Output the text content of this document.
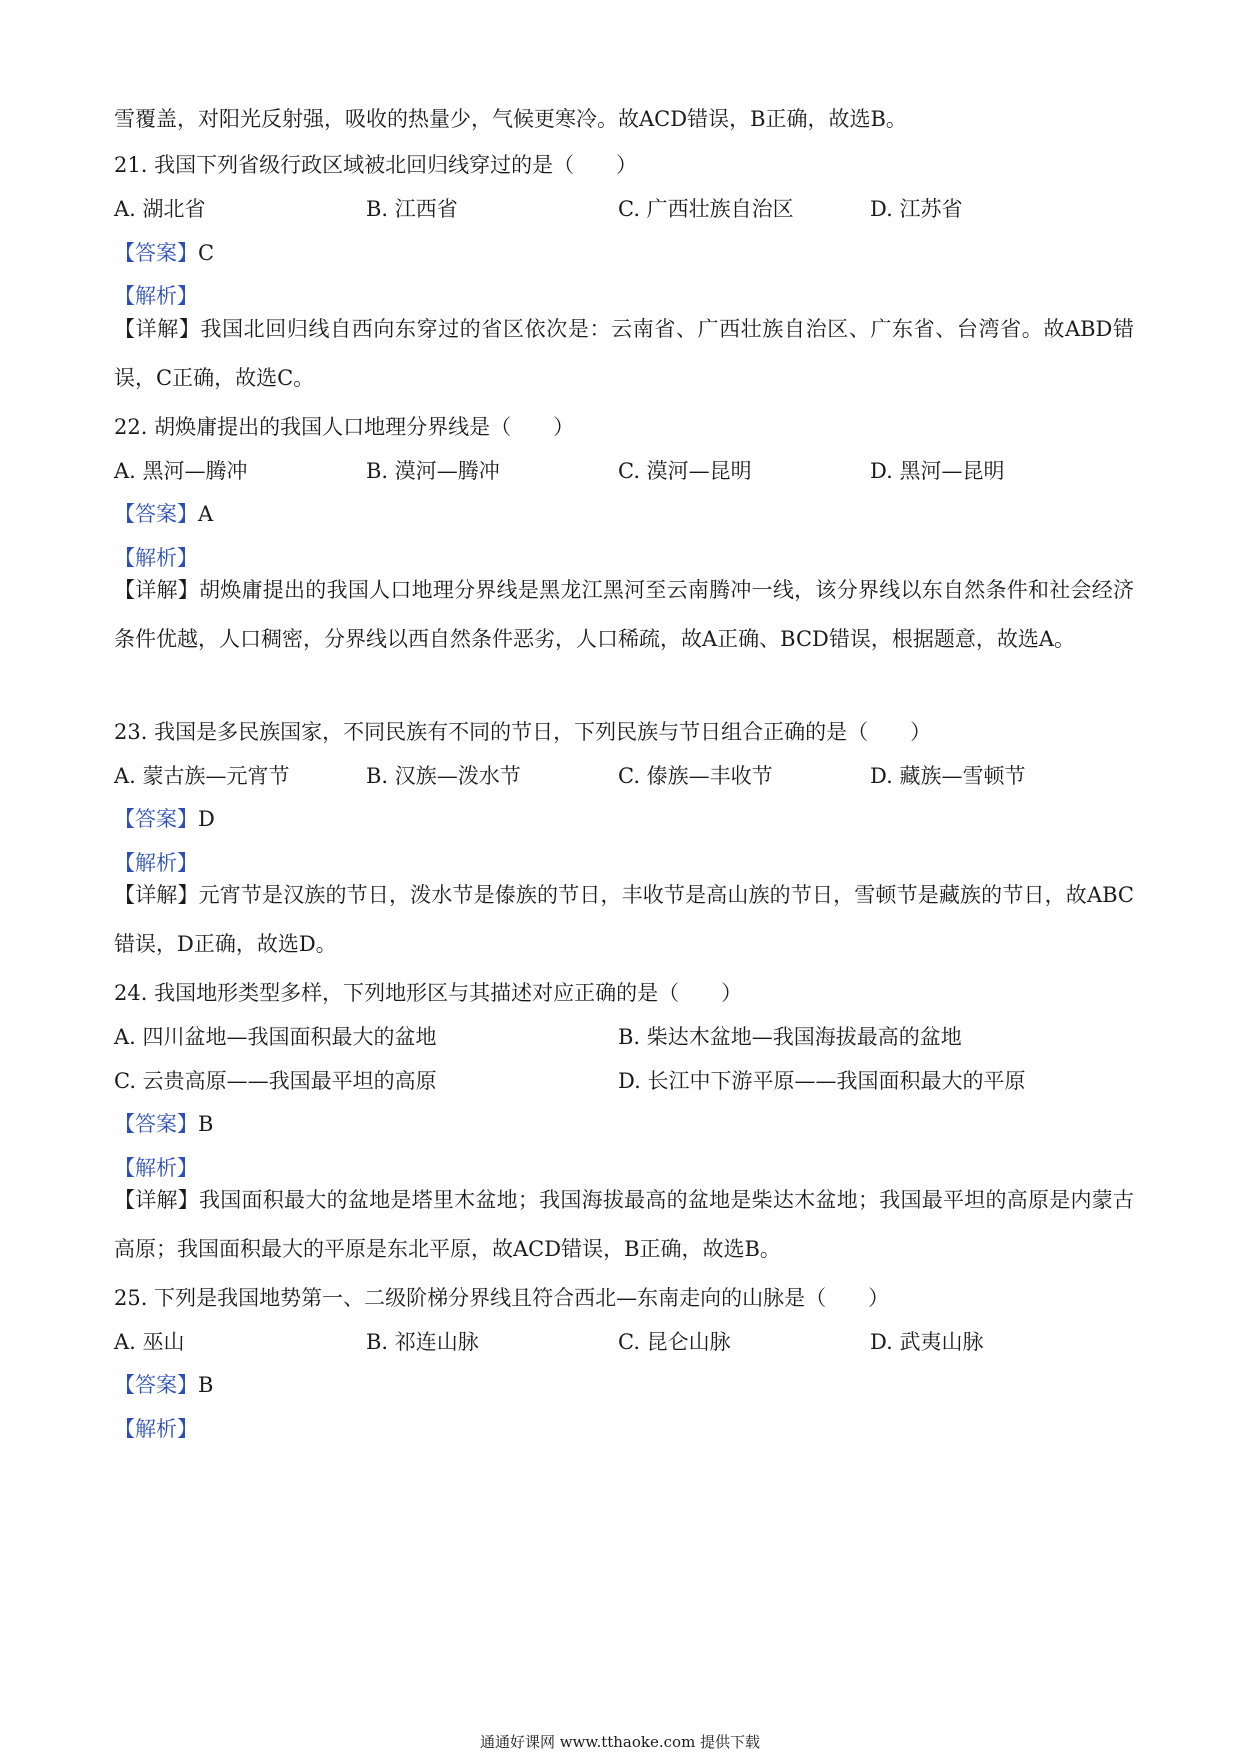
雪覆盖，对阳光反射强，吸收的热量少，气候更寒冷。故ACD错误，B正确，故选B。
21. 我国下列省级行政区域被北回归线穿过的是（　　）
A. 湖北省	B. 江西省	C. 广西壮族自治区	D. 江苏省
【答案】C
【解析】
【详解】我国北回归线自西向东穿过的省区依次是：云南省、广西壮族自治区、广东省、台湾省。故ABD错误，C正确，故选C。
22. 胡焕庸提出的我国人口地理分界线是（　　）
A. 黑河—腾冲	B. 漠河—腾冲	C. 漠河—昆明	D. 黑河—昆明
【答案】A
【解析】
【详解】胡焕庸提出的我国人口地理分界线是黑龙江黑河至云南腾冲一线，该分界线以东自然条件和社会经济条件优越，人口稠密，分界线以西自然条件恶劣，人口稀疏，故A正确、BCD错误，根据题意，故选A。
23. 我国是多民族国家，不同民族有不同的节日，下列民族与节日组合正确的是（　　）
A. 蒙古族—元宵节	B. 汉族—泼水节	C. 傣族—丰收节	D. 藏族—雪顿节
【答案】D
【解析】
【详解】元宵节是汉族的节日，泼水节是傣族的节日，丰收节是高山族的节日，雪顿节是藏族的节日，故ABC错误，D正确，故选D。
24. 我国地形类型多样，下列地形区与其描述对应正确的是（　　）
A. 四川盆地—我国面积最大的盆地	B. 柴达木盆地—我国海拔最高的盆地
C. 云贵高原——我国最平坦的高原	D. 长江中下游平原——我国面积最大的平原
【答案】B
【解析】
【详解】我国面积最大的盆地是塔里木盆地；我国海拔最高的盆地是柴达木盆地；我国最平坦的高原是内蒙古高原；我国面积最大的平原是东北平原，故ACD错误，B正确，故选B。
25. 下列是我国地势第一、二级阶梯分界线且符合西北—东南走向的山脉是（　　）
A. 巫山	B. 祁连山脉	C. 昆仑山脉	D. 武夷山脉
【答案】B
【解析】
通通好课网 www.tthaoke.com 提供下载
